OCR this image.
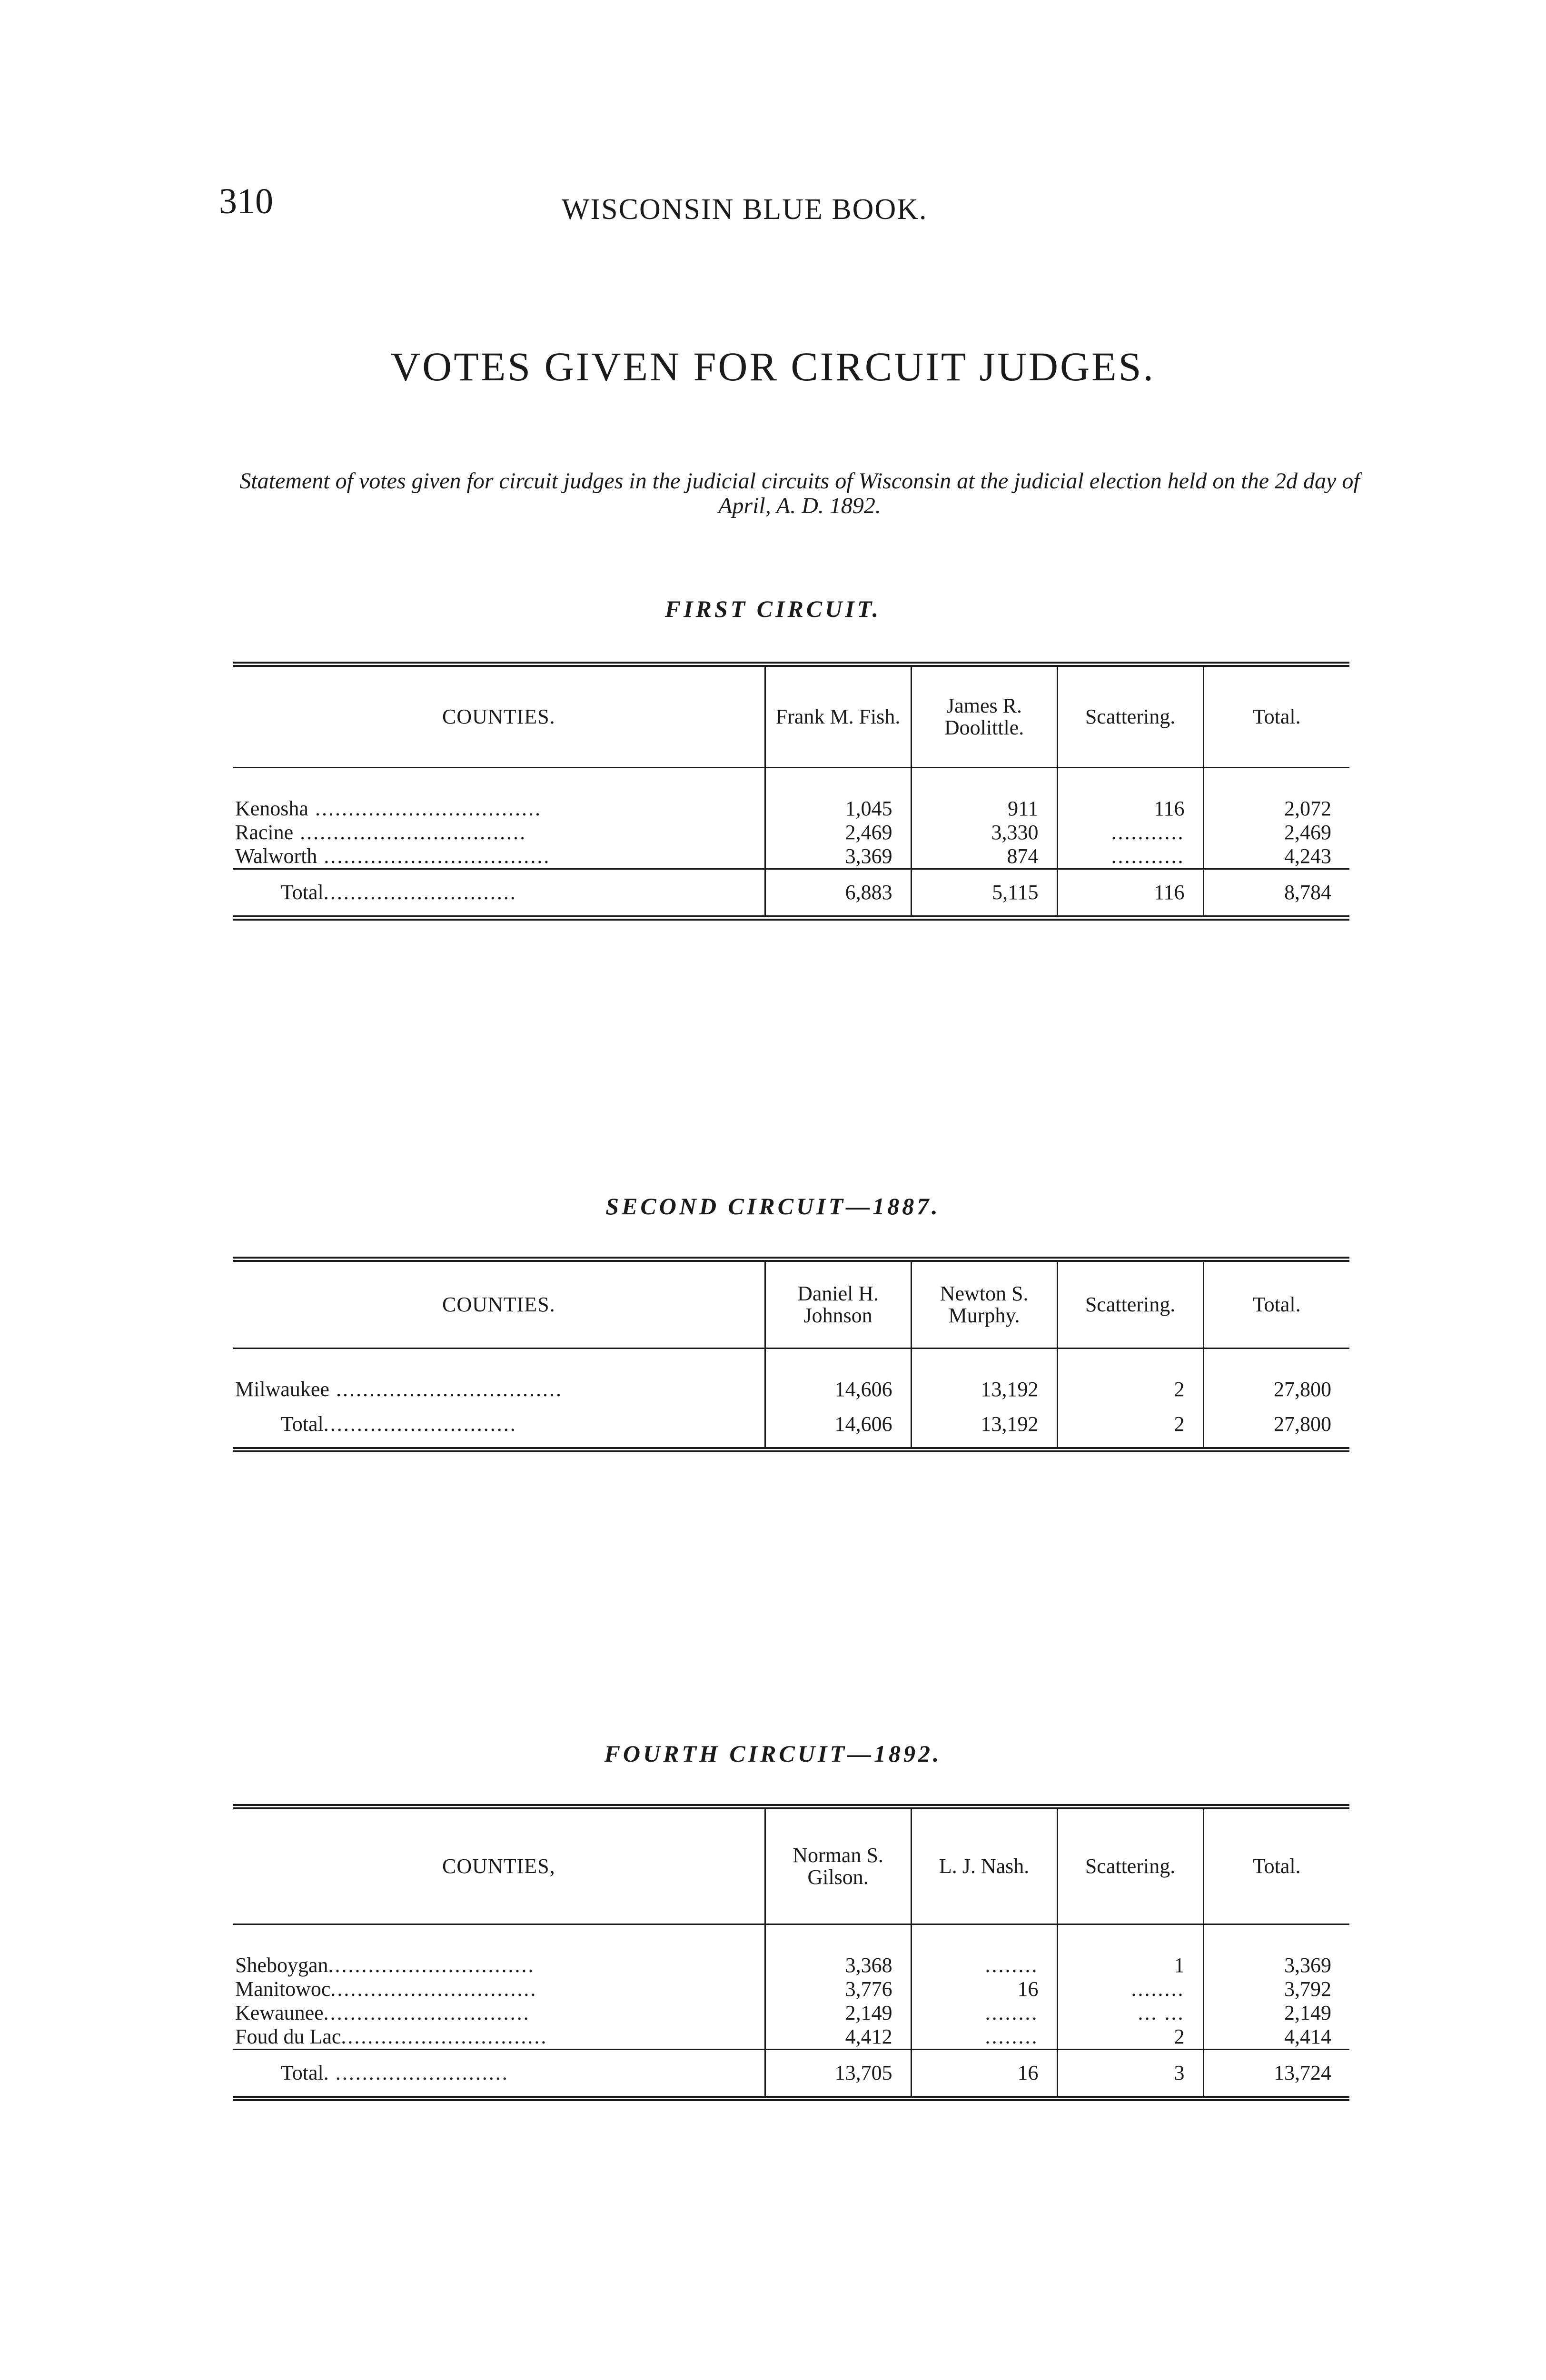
310	WISCONSIN BLUE BOOK.
VOTES GIVEN FOR CIRCUIT JUDGES.
Statement of votes given for circuit judges in the judicial circuits of Wisconsin at the judicial election held on the 2d day of April, A. D. 1892.
FIRST CIRCUIT.
COUNTIES.	Frank M. Fish.	James R. Doolittle.	Scattering.	Total.

Kenosha ..................................	1,045	911	116	2,072
Racine ..................................	2,469	3,330	...........	2,469
Walworth ..................................	3,369	874	...........	4,243
Total.............................	6,883	5,115	116	8,784
SECOND CIRCUIT—1887.
COUNTIES.	Daniel H. Johnson	Newton S. Murphy.	Scattering.	Total.

Milwaukee ..................................	14,606	13,192	2	27,800
Total.............................	14,606	13,192	2	27,800
FOURTH CIRCUIT—1892.
COUNTIES,	Norman S. Gilson.	L. J. Nash.	Scattering.	Total.

Sheboygan...............................	3,368	........	1	3,369
Manitowoc...............................	3,776	16	........	3,792
Kewaunee...............................	2,149	........	... ...	2,149
Foud du Lac...............................	4,412	........	2	4,414
Total. ..........................	13,705	16	3	13,724
